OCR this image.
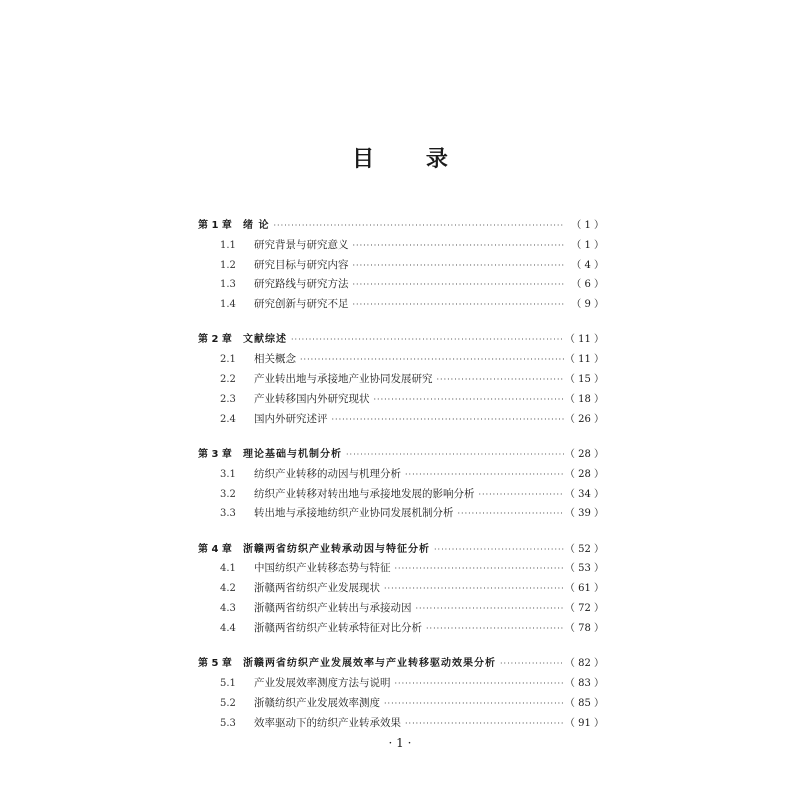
目 录
第 1 章	绪 论 ·····	（ 1 ）
1.1	研究背景与研究意义 ·····	（ 1 ）
1.2	研究目标与研究内容 ·····	（ 4 ）
1.3	研究路线与研究方法 ·····	（ 6 ）
1.4	研究创新与研究不足 ·····	（ 9 ）
第 2 章	文献综述 ·····	（ 11 ）
2.1	相关概念 ·····	（ 11 ）
2.2	产业转出地与承接地产业协同发展研究 ·····	（ 15 ）
2.3	产业转移国内外研究现状 ·····	（ 18 ）
2.4	国内外研究述评 ·····	（ 26 ）
第 3 章	理论基础与机制分析 ·····	（ 28 ）
3.1	纺织产业转移的动因与机理分析 ·····	（ 28 ）
3.2	纺织产业转移对转出地与承接地发展的影响分析 ·····	（ 34 ）
3.3	转出地与承接地纺织产业协同发展机制分析 ·····	（ 39 ）
第 4 章	浙赣两省纺织产业转承动因与特征分析 ·····	（ 52 ）
4.1	中国纺织产业转移态势与特征 ·····	（ 53 ）
4.2	浙赣两省纺织产业发展现状 ·····	（ 61 ）
4.3	浙赣两省纺织产业转出与承接动因 ·····	（ 72 ）
4.4	浙赣两省纺织产业转承特征对比分析 ·····	（ 78 ）
第 5 章	浙赣两省纺织产业发展效率与产业转移驱动效果分析 ·····	（ 82 ）
5.1	产业发展效率测度方法与说明 ·····	（ 83 ）
5.2	浙赣纺织产业发展效率测度 ·····	（ 85 ）
5.3	效率驱动下的纺织产业转承效果 ·····	（ 91 ）
· 1 ·
